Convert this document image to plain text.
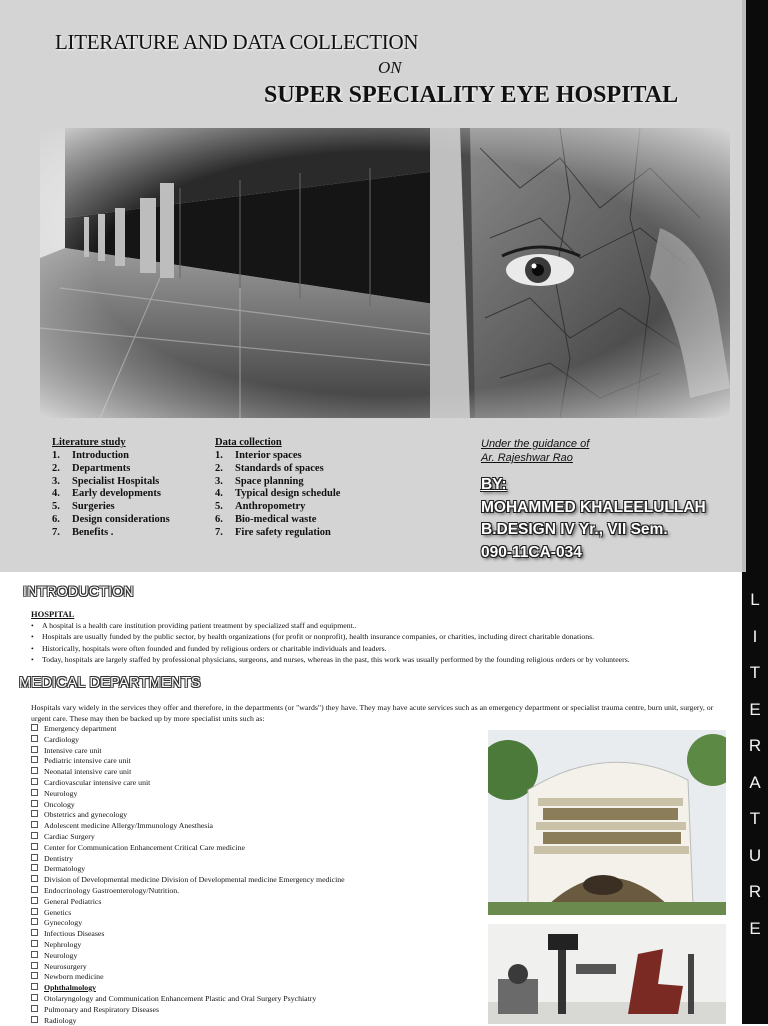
LITERATURE AND DATA COLLECTION
ON
SUPER SPECIALITY EYE HOSPITAL
Literature study
1. Introduction
2. Departments
3. Specialist Hospitals
4. Early developments
5. Surgeries
6. Design considerations
7. Benefits .
Data collection
1. Interior spaces
2. Standards of spaces
3. Space planning
4. Typical design schedule
5. Anthropometry
6. Bio-medical waste
7. Fire safety regulation
Under the guidance of
Ar. Rajeshwar Rao
BY:
MOHAMMED KHALEELULLAH
B.DESIGN IV Yr., VII Sem.
090-11CA-034
L
I
T
E
R
A
T
U
R
E
INTRODUCTION
HOSPITAL
• A hospital is a health care institution providing patient treatment by specialized staff and equipment..
• Hospitals are usually funded by the public sector, by health organizations (for profit or nonprofit), health insurance companies, or charities, including direct charitable donations.
• Historically, hospitals were often founded and funded by religious orders or charitable individuals and leaders.
• Today, hospitals are largely staffed by professional physicians, surgeons, and nurses, whereas in the past, this work was usually performed by the founding religious orders or by volunteers.
MEDICAL DEPARTMENTS
Hospitals vary widely in the services they offer and therefore, in the departments (or "wards") they have. They may have acute services such as an emergency department or specialist trauma centre, burn unit, surgery, or urgent care. These may then be backed up by more specialist units such as:
Emergency department
Cardiology
Intensive care unit
Pediatric intensive care unit
Neonatal intensive care unit
Cardiovascular intensive care unit
Neurology
Oncology
Obstetrics and gynecology
Adolescent medicine Allergy/Immunology Anesthesia
Cardiac Surgery
Center for Communication Enhancement Critical Care medicine
Dentistry
Dermatology
Division of Developmental medicine Division of Developmental medicine Emergency medicine
Endocrinology Gastroenterology/Nutrition.
General Pediatrics
Genetics
Gynecology
Infectious Diseases
Nephrology
Neurology
Neurosurgery
Newborn medicine
Ophthalmology
Otolaryngology and Communication Enhancement Plastic and Oral Surgery Psychiatry
Pulmonary and Respiratory Diseases
Radiology
